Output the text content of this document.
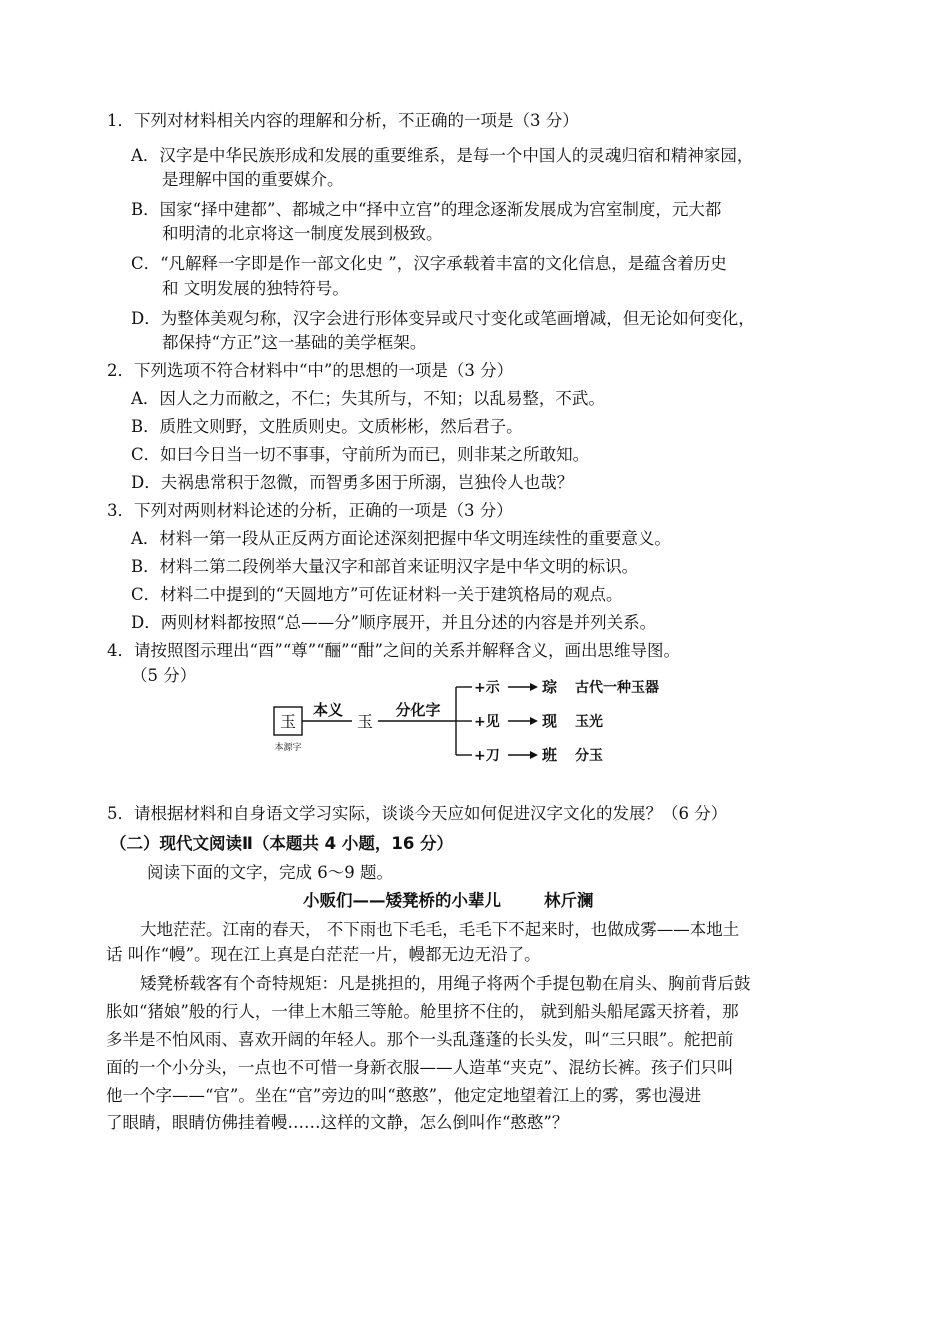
1．下列对材料相关内容的理解和分析，不正确的一项是（3 分）
A．汉字是中华民族形成和发展的重要维系，是每一个中国人的灵魂归宿和精神家园，
是理解中国的重要媒介。
B．国家“择中建都”、都城之中“择中立宫”的理念逐渐发展成为宫室制度，元大都
和明清的北京将这一制度发展到极致。
C．“凡解释一字即是作一部文化史 ”，汉字承载着丰富的文化信息，是蕴含着历史
和 文明发展的独特符号。
D．为整体美观匀称，汉字会进行形体变异或尺寸变化或笔画增减，但无论如何变化，
都保持“方正”这一基础的美学框架。
2．下列选项不符合材料中“中”的思想的一项是（3 分）
A．因人之力而敝之，不仁；失其所与，不知；以乱易整，不武。
B．质胜文则野，文胜质则史。文质彬彬，然后君子。
C．如曰今日当一切不事事，守前所为而已，则非某之所敢知。
D．夫祸患常积于忽微，而智勇多困于所溺，岂独伶人也哉？
3．下列对两则材料论述的分析，正确的一项是（3 分）
A．材料一第一段从正反两方面论述深刻把握中华文明连续性的重要意义。
B．材料二第二段例举大量汉字和部首来证明汉字是中华文明的标识。
C．材料二中提到的“天圆地方”可佐证材料一关于建筑格局的观点。
D．两则材料都按照“总——分”顺序展开，并且分述的内容是并列关系。
4．请按照图示理出“酉”“尊”“酾”“酣”之间的关系并解释含义，画出思维导图。
（5 分）
玉
本源字
本义
玉
分化字
+示	琮 古代一种玉器
+见	现 玉光
+刀	班 分玉
5．请根据材料和自身语文学习实际，谈谈今天应如何促进汉字文化的发展？（6 分）
（二）现代文阅读Ⅱ（本题共 4 小题，16 分）
阅读下面的文字，完成 6～9 题。
小贩们——矮凳桥的小辈儿	林斤澜
大地茫茫。江南的春天， 不下雨也下毛毛，毛毛下不起来时，也做成雾——本地土
话 叫作“幔”。现在江上真是白茫茫一片，幔都无边无沿了。
矮凳桥载客有个奇特规矩：凡是挑担的，用绳子将两个手提包勒在肩头、胸前背后鼓
胀如“猪娘”般的行人，一律上木船三等舱。舱里挤不住的， 就到船头船尾露天挤着，那
多半是不怕风雨、喜欢开阔的年轻人。那个一头乱蓬蓬的长头发，叫“三只眼”。舵把前
面的一个小分头，一点也不可惜一身新衣服——人造革“夹克”、混纺长裤。孩子们只叫
他一个字——“官”。坐在“官”旁边的叫“憨憨”，他定定地望着江上的雾，雾也漫进
了眼睛，眼睛仿佛挂着幔……这样的文静，怎么倒叫作“憨憨”？
